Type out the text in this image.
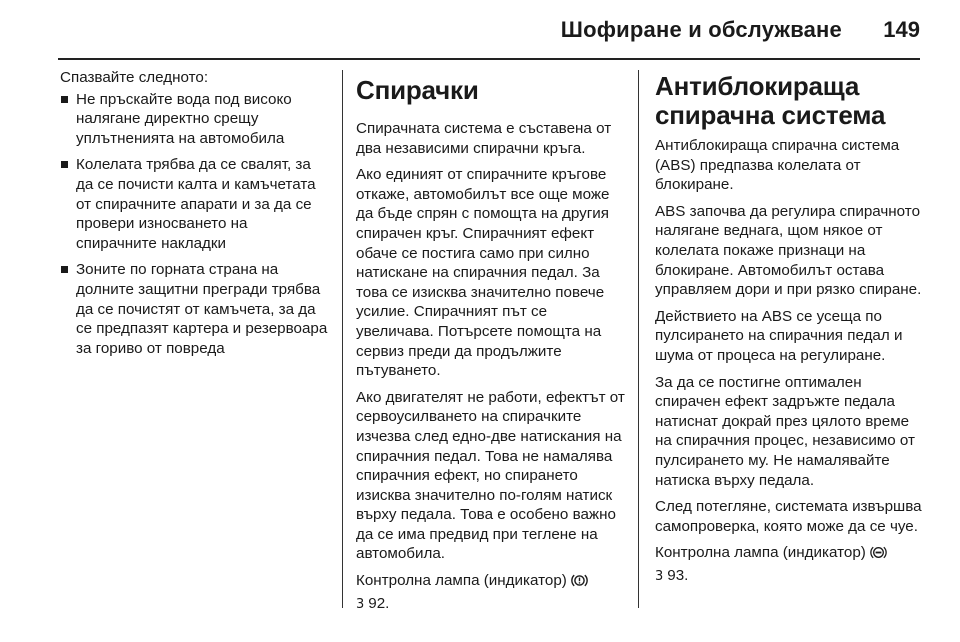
Шофиране и обслужване 149

Спазвайте следното:

Не пръскайте вода под високо налягане директно срещу уплътненията на автомобила
Колелата трябва да се свалят, за да се почисти калта и камъчетата от спирачните апарати и за да се провери износването на спирачните накладки
Зоните по горната страна на долните защитни прегради трябва да се почистят от камъчета, за да се предпазят картера и резервоара за гориво от повреда
Спирачки

Спирачната система е съставена от два независими спирачни кръга.

Ако единият от спирачните кръгове откаже, автомобилът все още може да бъде спрян с помощта на другия спирачен кръг. Спирачният ефект обаче се постига само при силно натискане на спирачния педал. За това се изисква значително повече усилие. Спирачният път се увеличава. Потърсете помощта на сервиз преди да продължите пътуването.

Ако двигателят не работи, ефектът от сервоусилването на спирачките изчезва след едно-две натискания на спирачния педал. Това не намалява спирачния ефект, но спирането изисква значително по-голям натиск върху педала. Това е особено важно да се има предвид при теглене на автомобила.

Контролна лампа (индикатор)
3 92.

Антиблокираща спирачна система

Антиблокираща спирачна система (ABS) предпазва колелата от блокиране.

ABS започва да регулира спирачното налягане веднага, щом някое от колелата покаже признаци на блокиране. Автомобилът остава управляем дори и при рязко спиране.

Действието на ABS се усеща по пулсирането на спирачния педал и шума от процеса на регулиране.

За да се постигне оптимален спирачен ефект задръжте педала натиснат докрай през цялото време на спирачния процес, независимо от пулсирането му. Не намалявайте натиска върху педала.

След потегляне, системата извършва самопроверка, която може да се чуе.

Контролна лампа (индикатор)
3 93.
